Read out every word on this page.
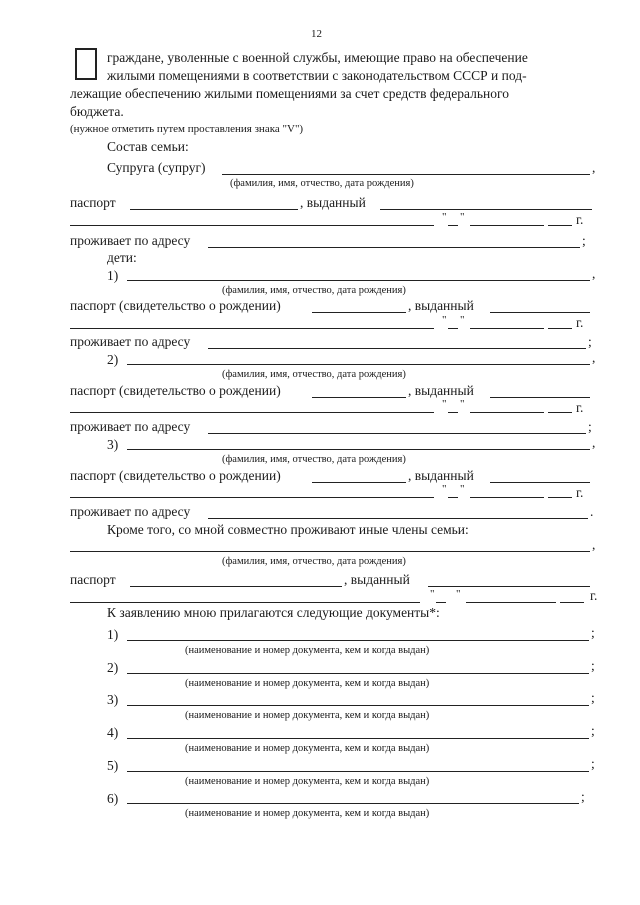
12
граждане, уволенные с военной службы, имеющие право на обеспечение
жилыми помещениями в соответствии с законодательством СССР и под-
лежащие обеспечению жилыми помещениями за счет средств федерального
бюджета.
(нужное отметить путем проставления знака "V")
Состав семьи:
Супруга (супруг)	,
(фамилия, имя, отчество, дата рождения)
паспорт	, выданный
" "	г.
проживает по адресу	;
дети:
1)	,
(фамилия, имя, отчество, дата рождения)
паспорт (свидетельство о рождении)	, выданный
" "	г.
проживает по адресу	;
2)	,
(фамилия, имя, отчество, дата рождения)
паспорт (свидетельство о рождении)	, выданный
" "	г.
проживает по адресу	;
3)	,
(фамилия, имя, отчество, дата рождения)
паспорт (свидетельство о рождении)	, выданный
" "	г.
проживает по адресу	.
Кроме того, со мной совместно проживают иные члены семьи:
,
(фамилия, имя, отчество, дата рождения)
паспорт	, выданный
" "	г.
К заявлению мною прилагаются следующие документы*:
1)	;
(наименование и номер документа, кем и когда выдан)
2)	;
(наименование и номер документа, кем и когда выдан)
3)	;
(наименование и номер документа, кем и когда выдан)
4)	;
(наименование и номер документа, кем и когда выдан)
5)	;
(наименование и номер документа, кем и когда выдан)
6)	;
(наименование и номер документа, кем и когда выдан)
